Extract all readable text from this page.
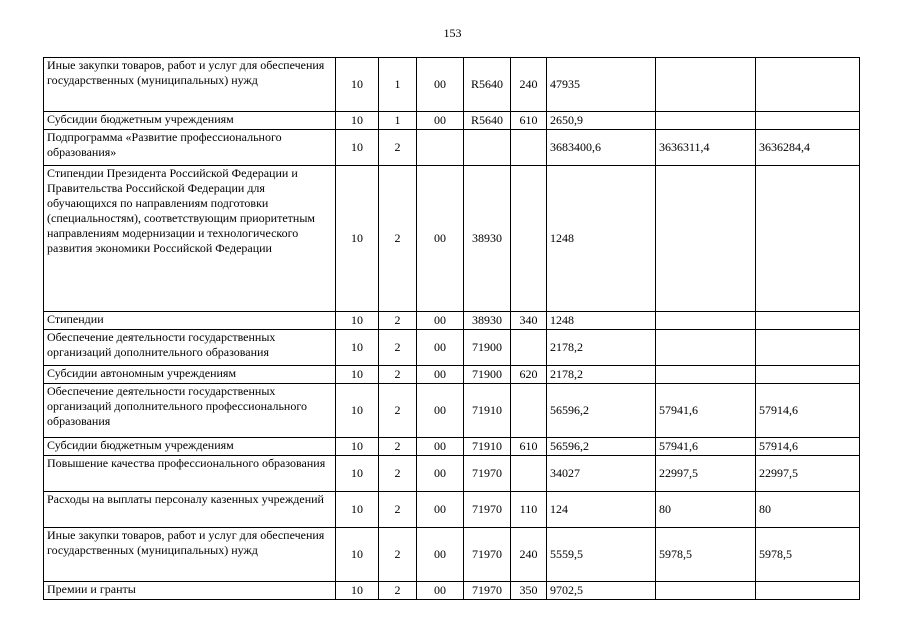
153
Иные закупки товаров, работ и услуг для обеспечения государственных (муниципальных) нужд	10	1	00	R5640	240	47935		
Субсидии бюджетным учреждениям	10	1	00	R5640	610	2650,9		
Подпрограмма «Развитие профессионального образования»	10	2				3683400,6	3636311,4	3636284,4
Стипендии Президента Российской Федерации и Правительства Российской Федерации для обучающихся по направлениям подготовки (специальностям), соответствующим приоритетным направлениям модернизации и технологического развития экономики Российской Федерации	10	2	00	38930		1248		
Стипендии	10	2	00	38930	340	1248		
Обеспечение деятельности государственных организаций дополнительного образования	10	2	00	71900		2178,2		
Субсидии автономным учреждениям	10	2	00	71900	620	2178,2		
Обеспечение деятельности государственных организаций дополнительного профессионального образования	10	2	00	71910		56596,2	57941,6	57914,6
Субсидии бюджетным учреждениям	10	2	00	71910	610	56596,2	57941,6	57914,6
Повышение качества профессионального образования	10	2	00	71970		34027	22997,5	22997,5
Расходы на выплаты персоналу казенных учреждений	10	2	00	71970	110	124	80	80
Иные закупки товаров, работ и услуг для обеспечения государственных (муниципальных) нужд	10	2	00	71970	240	5559,5	5978,5	5978,5
Премии и гранты	10	2	00	71970	350	9702,5		
